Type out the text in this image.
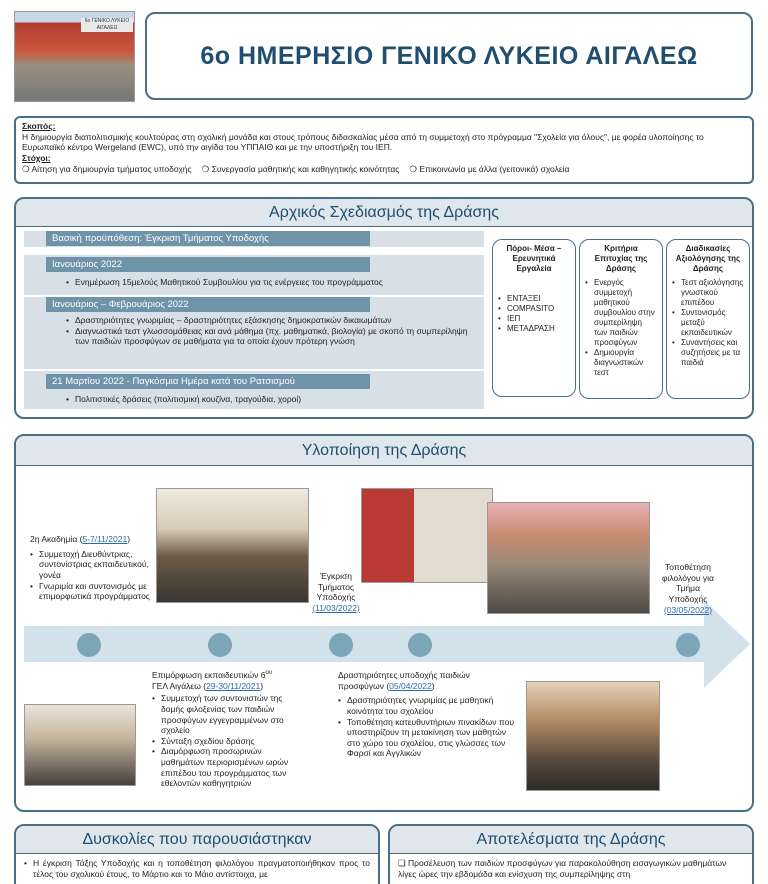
6ο ΓΕΝΙΚΟ ΛΥΚΕΙΟ ΑΙΓΑΛΕΩ
6ο ΗΜΕΡΗΣΙΟ ΓΕΝΙΚΟ ΛΥΚΕΙΟ ΑΙΓΑΛΕΩ
Σκοπός:
Η δημιουργία διαπολιτισμικής κουλτούρας στη σχολική μονάδα και στους τρόπους διδασκαλίας μέσα από τη συμμετοχή στο πρόγραμμα "Σχολεία για όλους", με φορέα υλοποίησης το Ευρωπαϊκό κέντρο Wergeland (EWC), υπό την αιγίδα του ΥΠΠΑΙΘ και με την υποστήριξη του ΙΕΠ.
Στόχοι:
❍ Αίτηση για δημιουργία τμήματος υποδοχής ❍ Συνεργασία μαθητικής και καθηγητικής κοινότητας ❍ Επικοινωνία με άλλα (γειτονικά) σχολεία
Αρχικός Σχεδιασμός της Δράσης
Βασική προϋπόθεση: Έγκριση Τμήματος Υποδοχής
Ιανουάριος 2022
• Ενημέρωση 15μελούς Μαθητικού Συμβουλίου για τις ενέργειες του προγράμματος
Ιανουάριος – Φεβρουάριος 2022
• Δραστηριότητες γνωριμίας – δραστηριότητες εξάσκησης δημοκρατικών δικαιωμάτων
• Διαγνωστικά τεστ γλωσσομάθειας και ανά μάθημα (πχ. μαθηματικά, βιολογία) με σκοπό τη συμπερίληψη των παιδιών προσφύγων σε μαθήματα για τα οποία έχουν πρότερη γνώση
21 Μαρτίου 2022 - Παγκόσμια Ημέρα κατά του Ρατσισμού
• Πολιτιστικές δράσεις (πολιτισμική κουζίνα, τραγούδια, χοροί)
Πόροι- Μέσα – Ερευνητικά Εργαλεία
• ΕΝΤΑΞΕΙ
• COMPASITO
• ΙΕΠ
• ΜΕΤΑΔΡΑΣΗ
Κριτήρια Επιτυχίας της Δράσης
• Ενεργός συμμετοχή μαθητικού συμβουλίου στην συμπερίληψη των παιδιών προσφύγων
• Δημιουργία διαγνωστικών τεστ
Διαδικασίες Αξιολόγησης της Δράσης
• Τεστ αξιολόγησης γνωστικού επιπέδου
• Συντονισμός μεταξύ εκπαιδευτικών
• Συναντήσεις και συζητήσεις με τα παιδιά
Υλοποίηση της Δράσης
2η Ακαδημία (5-7/11/2021)
• Συμμετοχή Διευθύντριας, συντονίστριας εκπαιδευτικού, γονέα
• Γνωριμία και συντονισμός με επιμορφωτικά προγράμματος
Έγκριση
Τμήματος
Υποδοχής
(11/03/2022)
Τοποθέτηση
φιλολόγου για
Τμήμα
Υποδοχής
(03/05/2022)
Επιμόρφωση εκπαιδευτικών $6^{o\upsilon}$
ΓΕΛ Αιγάλεω (29-30/11/2021)
• Συμμετοχή των συντονιστών της δομής φιλοξενίας των παιδιών προσφύγων εγγεγραμμένων στο σχολείο
• Σύνταξη σχεδίου δράσης
• Διαμόρφωση προσωρινών μαθημάτων περιορισμένων ωρών επιπέδου του προγράμματος των εθελοντών καθηγητριών
Δραστηριότητες υποδοχής παιδιών προσφύγων (05/04/2022)
• Δραστηριότητες γνωριμίας με μαθητική κοινότητα του σχολείου
• Τοποθέτηση κατευθυντήριων πινακίδων που υποστηρίζουν τη μετακίνηση των μαθητών στο χώρο του σχολείου, στις γλώσσες των Φαρσί και Αγγλικών
Δυσκολίες που παρουσιάστηκαν
• Η έγκριση Τάξης Υποδοχής και η τοποθέτηση φιλολόγου πραγματοποιήθηκαν προς το τέλος του σχολικού έτους, το Μάρτιο και το Μάιο αντίστοιχα, με
Αποτελέσματα της Δράσης
❑ Προσέλευση των παιδιών προσφύγων για παρακολούθηση εισαγωγικών μαθημάτων λίγες ώρες την εβδομάδα και ενίσχυση της συμπερίληψης στη
